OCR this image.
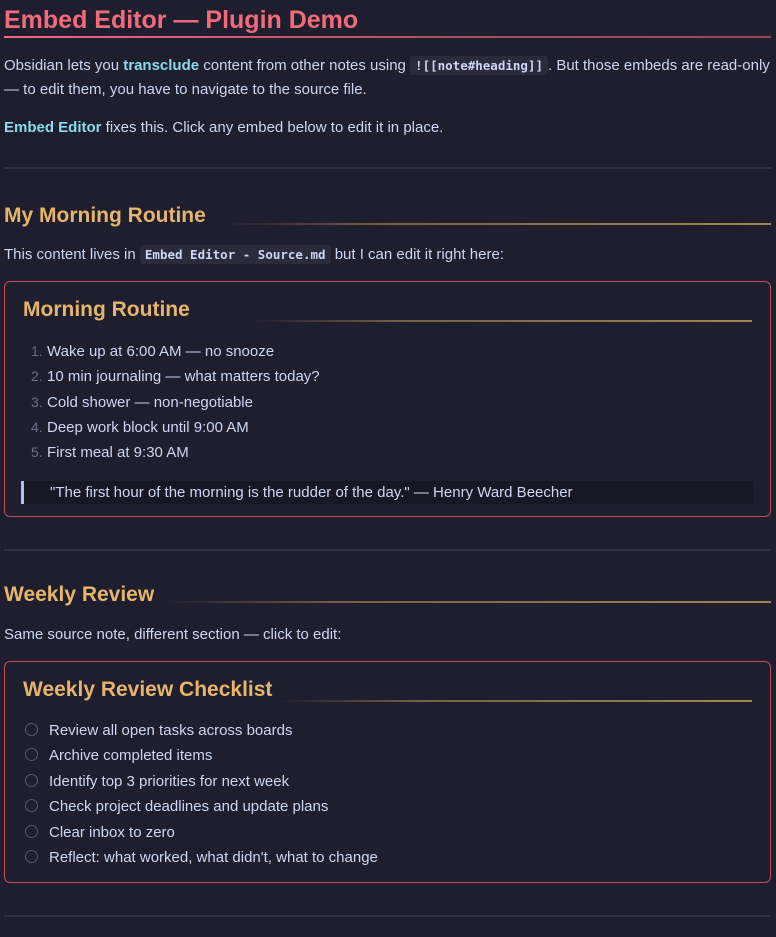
Embed Editor — Plugin Demo

Obsidian lets you transclude content from other notes using ![[note#heading]] . But those embeds are read-only — to edit them, you have to navigate to the source file.

Embed Editor fixes this. Click any embed below to edit it in place.

My Morning Routine

This content lives in Embed Editor - Source.md but I can edit it right here:

Morning Routine
1. Wake up at 6:00 AM — no snooze
2. 10 min journaling — what matters today?
3. Cold shower — non-negotiable
4. Deep work block until 9:00 AM
5. First meal at 9:30 AM
"The first hour of the morning is the rudder of the day." — Henry Ward Beecher
Weekly Review

Same source note, different section — click to edit:

Weekly Review Checklist
Review all open tasks across boards
Archive completed items
Identify top 3 priorities for next week
Check project deadlines and update plans
Clear inbox to zero
Reflect: what worked, what didn't, what to change
